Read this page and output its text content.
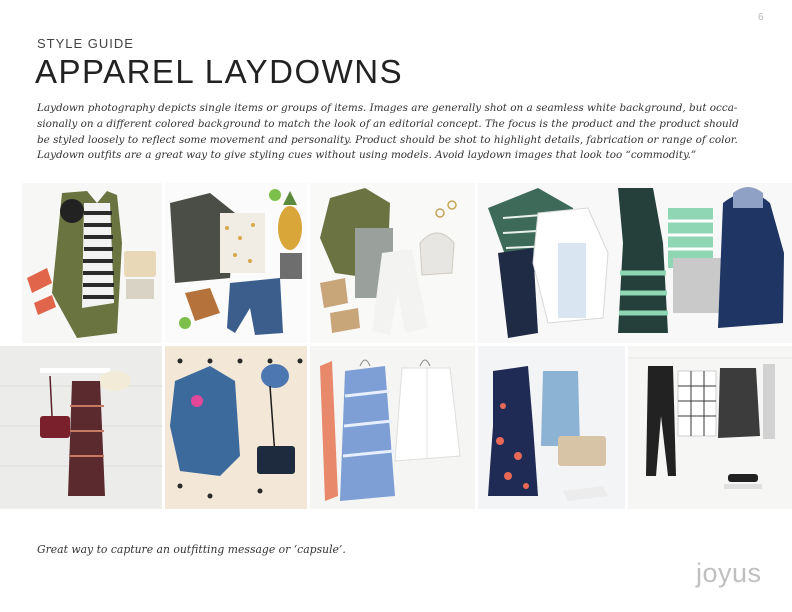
6
STYLE GUIDE
APPAREL LAYDOWNS

Laydown photography depicts single items or groups of items. Images are generally shot on a seamless white background, but occa-
sionally on a different colored background to match the look of an editorial concept. The focus is the product and the product should
be styled loosely to reflect some movement and personality. Product should be shot to highlight details, fabrication or range of color.
Laydown outfits are a great way to give styling cues without using models. Avoid laydown images that look too “commodity.”

Great way to capture an outfitting message or ‘capsule’.
joyus
